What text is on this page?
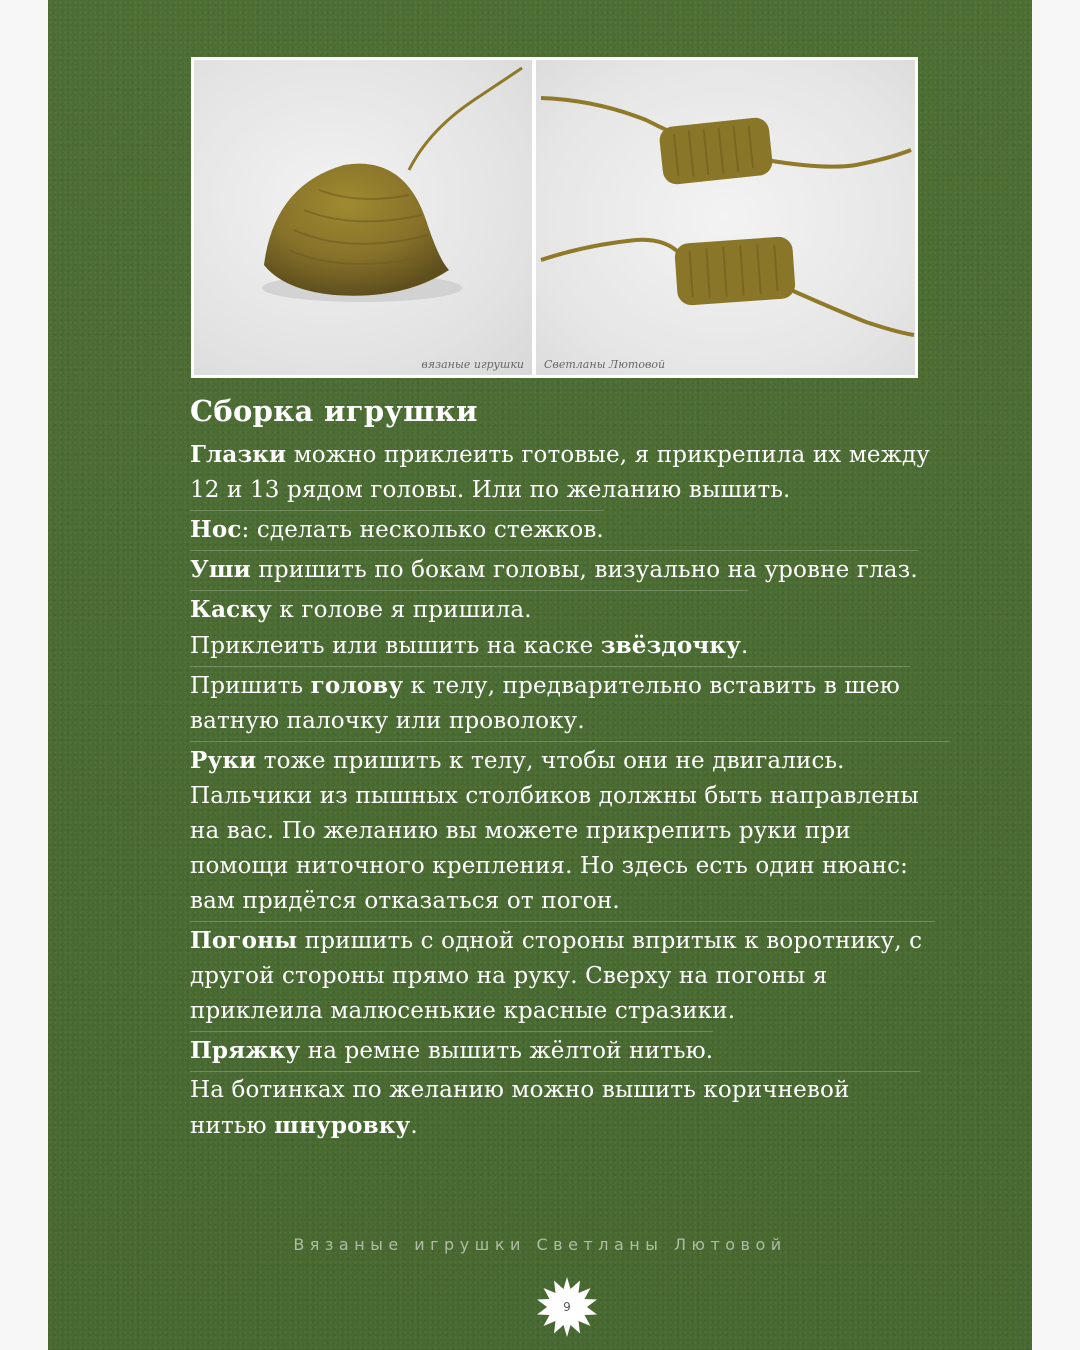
вязаные игрушки Светланы Лютовой
Сборка игрушки

Глазки можно приклеить готовые, я прикрепила их между 12 и 13 рядом головы. Или по желанию вышить.

Нос: сделать несколько стежков.

Уши пришить по бокам головы, визуально на уровне глаз.

Каску к голове я пришила.
Приклеить или вышить на каске звёздочку.

Пришить голову к телу, предварительно вставить в шею ватную палочку или проволоку.

Руки тоже пришить к телу, чтобы они не двигались. Пальчики из пышных столбиков должны быть направлены на вас. По желанию вы можете прикрепить руки при помощи ниточного крепления. Но здесь есть один нюанс: вам придётся отказаться от погон.

Погоны пришить с одной стороны впритык к воротнику, с другой стороны прямо на руку. Сверху на погоны я приклеила малюсенькие красные стразики.

Пряжку на ремне вышить жёлтой нитью.

На ботинках по желанию можно вышить коричневой нитью шнуровку.

Вязаные игрушки Светланы Лютовой
9
